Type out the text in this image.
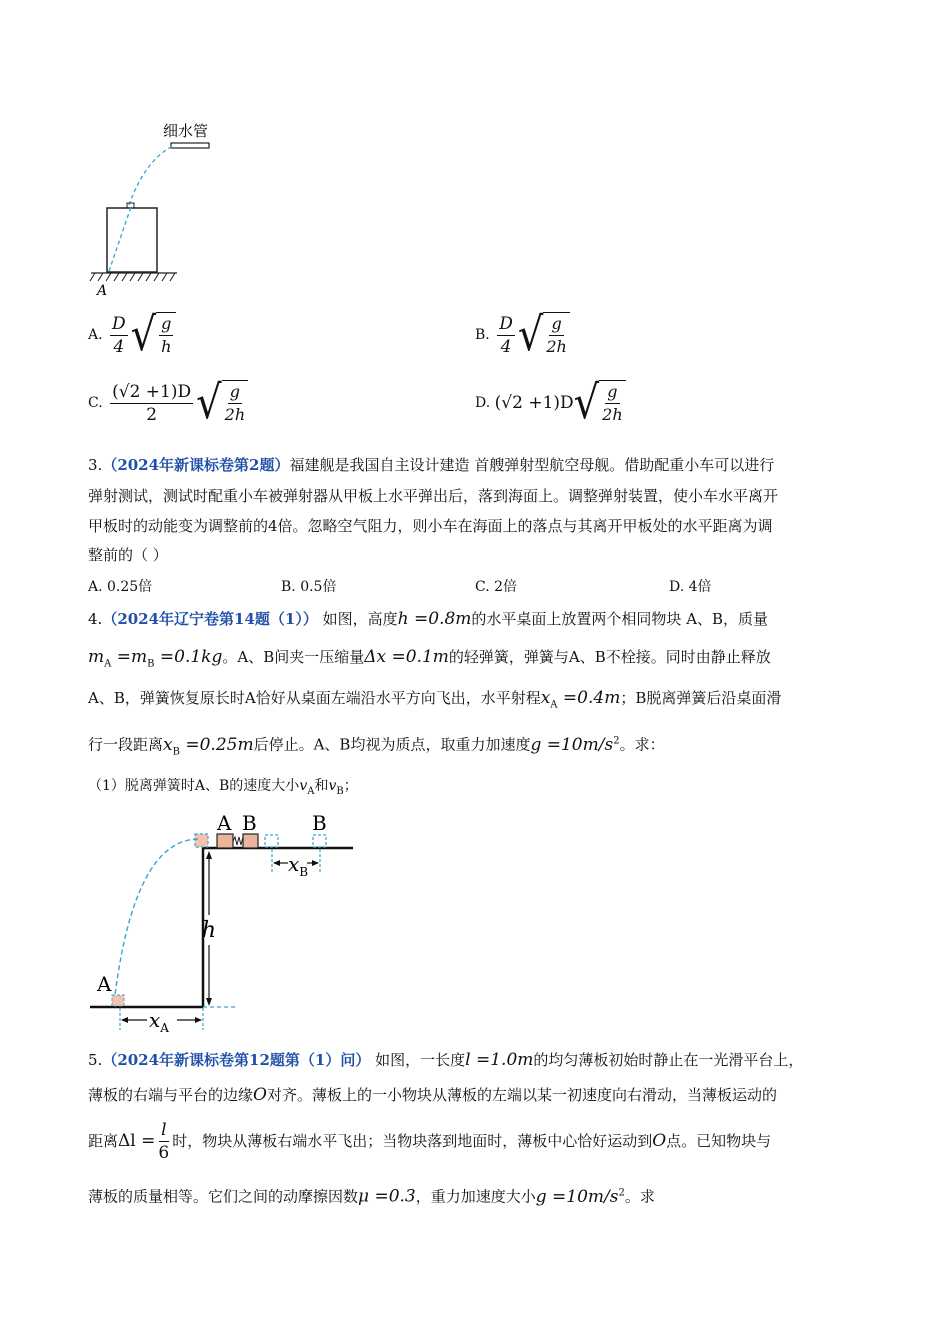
细水管
A
A. $\frac{D}{4}$ √ $\frac{g}{h}$	B. $\frac{D}{4}$ √ $\frac{g}{2h}$
C. $\frac{(√2 +1)D}{2}$ √ $\frac{g}{2h}$	D. (√2 +1)D √ $\frac{g}{2h}$
3.（2024年新课标卷第2题）福建舰是我国自主设计建造 首艘弹射型航空母舰。借助配重小车可以进行
弹射测试，测试时配重小车被弹射器从甲板上水平弹出后，落到海面上。调整弹射装置，使小车水平离开
甲板时的动能变为调整前的4倍。忽略空气阻力，则小车在海面上的落点与其离开甲板处的水平距离为调
整前的（ ）
A. 0.25倍	B. 0.5倍	C. 2倍	D. 4倍
4.（2024年辽宁卷第14题（1）） 如图，高度h =0.8m的水平桌面上放置两个相同物块 A、B，质量
$m_A =m_B =0.1kg$。A、B间夹一压缩量Δx =0.1m的轻弹簧，弹簧与A、B不栓接。同时由静止释放
A、B，弹簧恢复原长时A恰好从桌面左端沿水平方向飞出，水平射程$x_A =0.4m$；B脱离弹簧后沿桌面滑
行一段距离$x_B =0.25m$后停止。A、B均视为质点，取重力加速度$g =10m/s^2$。求：
（1）脱离弹簧时A、B的速度大小$v_A$和$v_B$；
A B	B
$x_B$
h
A
$x_A$
5.（2024年新课标卷第12题第（1）问） 如图，一长度l =1.0m的均匀薄板初始时静止在一光滑平台上，
薄板的右端与平台的边缘O对齐。薄板上的一小物块从薄板的左端以某一初速度向右滑动，当薄板运动的
距离 $\Delta l = \frac{l}{6}$ 时，物块从薄板右端水平飞出；当物块落到地面时，薄板中心恰好运动到 O 点。已知物块与
薄板的质量相等。它们之间的动摩擦因数μ =0.3，重力加速度大小$g =10m/s^2$。求
